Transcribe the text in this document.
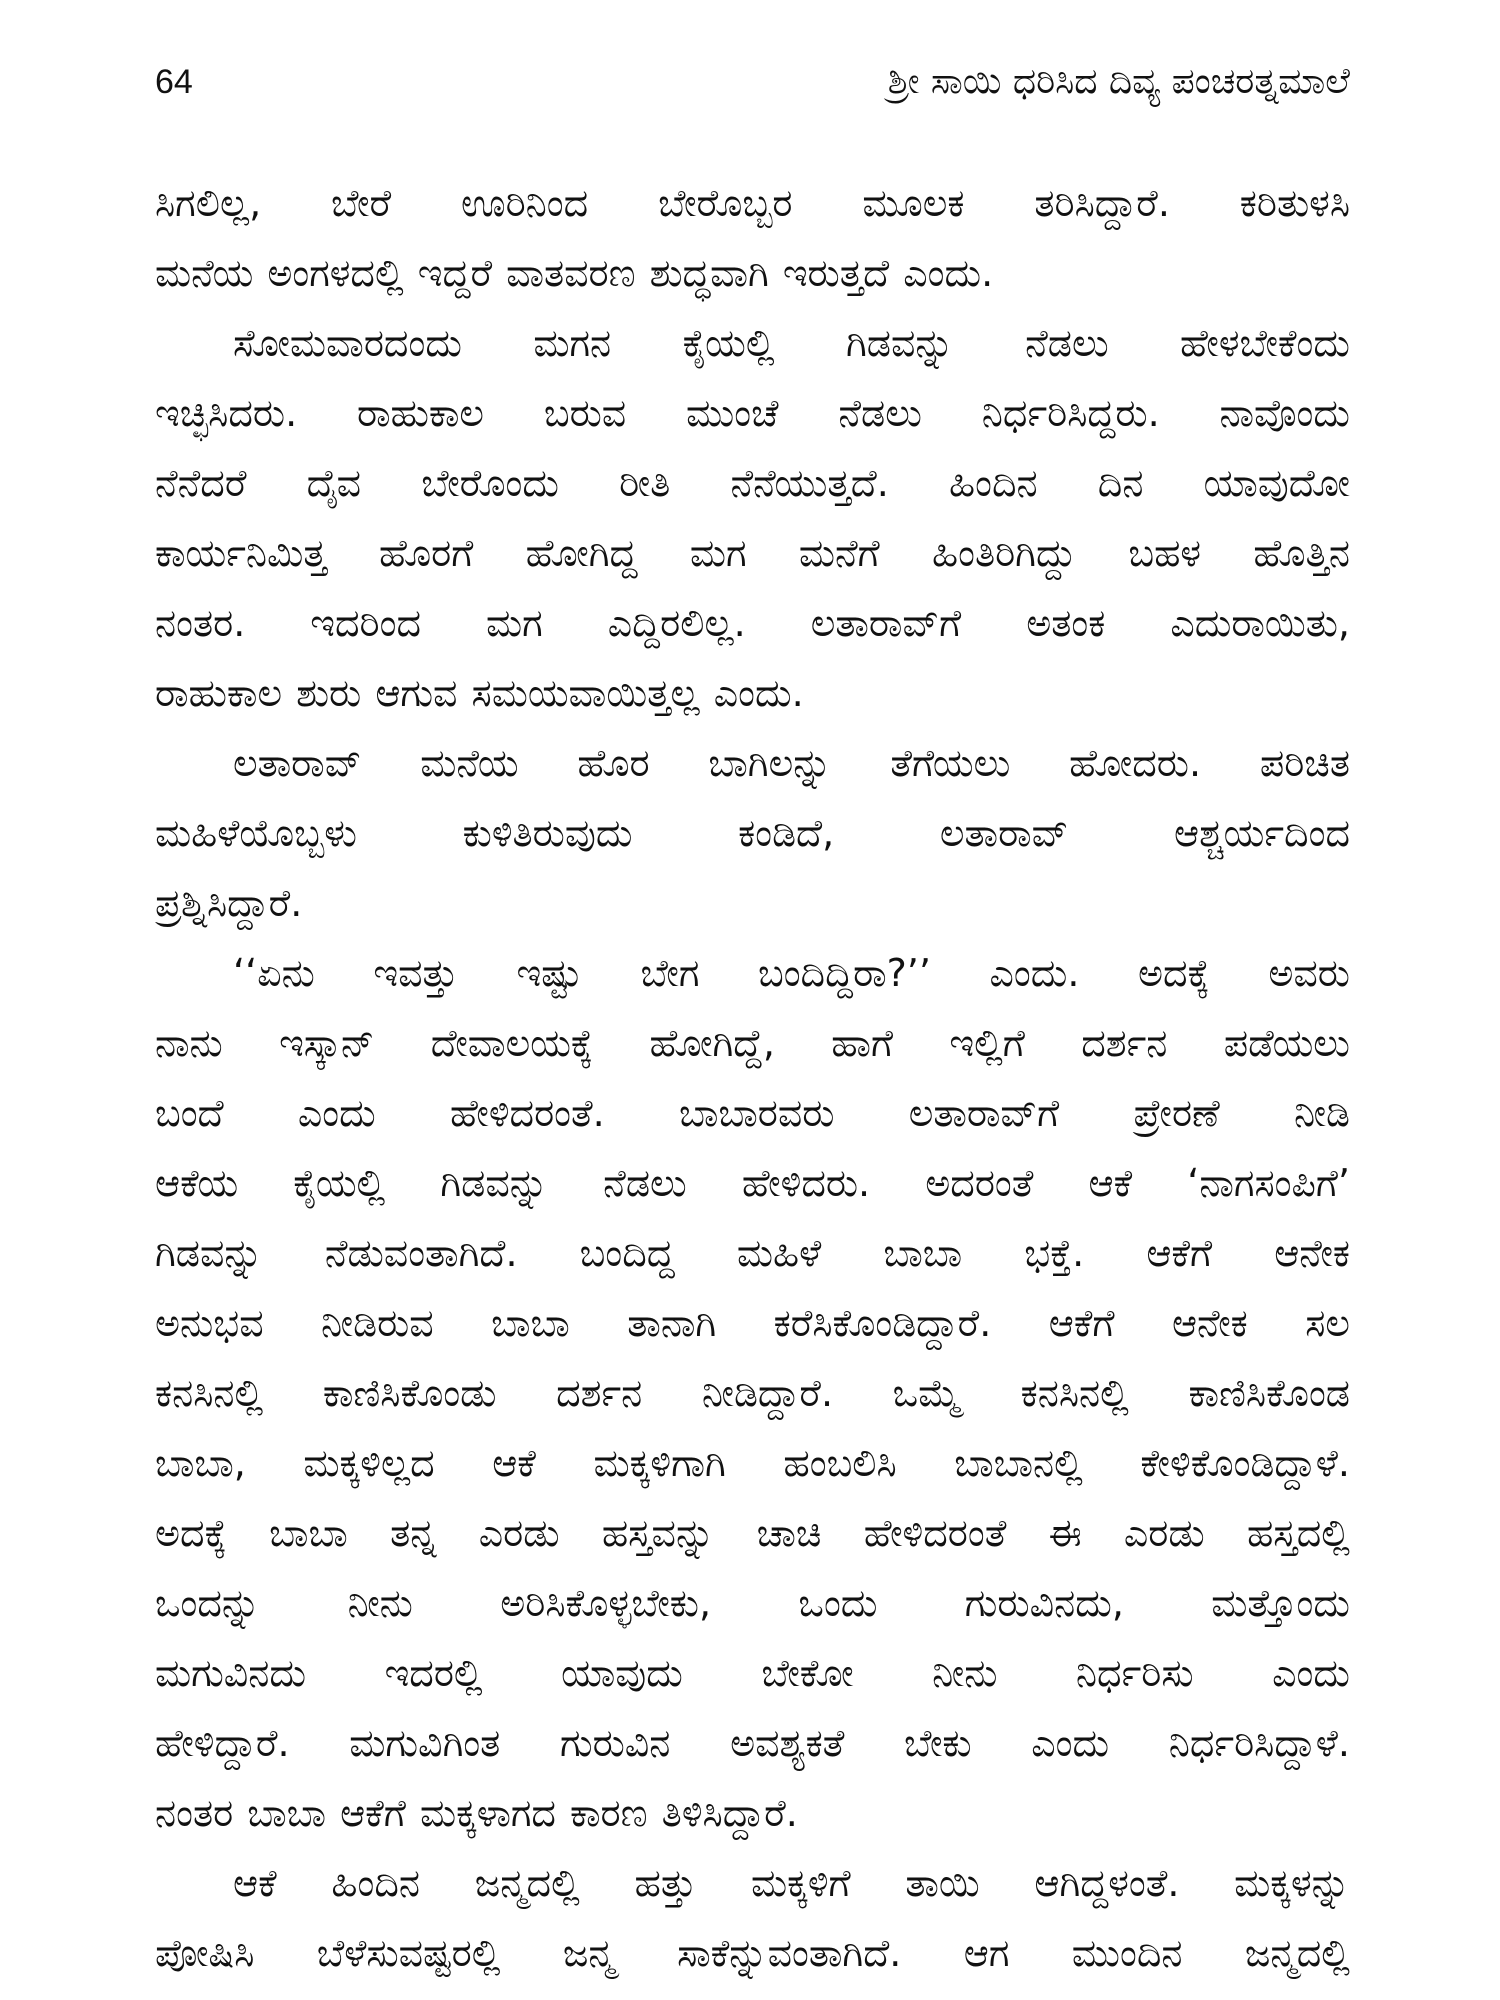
64	ಶ್ರೀ ಸಾಯಿ ಧರಿಸಿದ ದಿವ್ಯ ಪಂಚರತ್ನಮಾಲೆ
ಸಿಗಲಿಲ್ಲ, ಬೇರೆ ಊರಿನಿಂದ ಬೇರೊಬ್ಬರ ಮೂಲಕ ತರಿಸಿದ್ದಾರೆ. ಕರಿತುಳಸಿ
ಮನೆಯ ಅಂಗಳದಲ್ಲಿ ಇದ್ದರೆ ವಾತವರಣ ಶುದ್ಧವಾಗಿ ಇರುತ್ತದೆ ಎಂದು.
ಸೋಮವಾರದಂದು ಮಗನ ಕೈಯಲ್ಲಿ ಗಿಡವನ್ನು ನೆಡಲು ಹೇಳಬೇಕೆಂದು
ಇಚ್ಛಿಸಿದರು. ರಾಹುಕಾಲ ಬರುವ ಮುಂಚೆ ನೆಡಲು ನಿರ್ಧರಿಸಿದ್ದರು. ನಾವೊಂದು
ನೆನೆದರೆ ದೈವ ಬೇರೊಂದು ರೀತಿ ನೆನೆಯುತ್ತದೆ. ಹಿಂದಿನ ದಿನ ಯಾವುದೋ
ಕಾರ್ಯನಿಮಿತ್ತ ಹೊರಗೆ ಹೋಗಿದ್ದ ಮಗ ಮನೆಗೆ ಹಿಂತಿರಿಗಿದ್ದು ಬಹಳ ಹೊತ್ತಿನ
ನಂತರ. ಇದರಿಂದ ಮಗ ಎದ್ದಿರಲಿಲ್ಲ. ಲತಾರಾವ್‌ಗೆ ಅತಂಕ ಎದುರಾಯಿತು,
ರಾಹುಕಾಲ ಶುರು ಆಗುವ ಸಮಯವಾಯಿತ್ತಲ್ಲ ಎಂದು.
ಲತಾರಾವ್ ಮನೆಯ ಹೊರ ಬಾಗಿಲನ್ನು ತೆಗೆಯಲು ಹೋದರು. ಪರಿಚಿತ
ಮಹಿಳೆಯೊಬ್ಬಳು ಕುಳಿತಿರುವುದು ಕಂಡಿದೆ, ಲತಾರಾವ್ ಆಶ್ಚರ್ಯದಿಂದ
ಪ್ರಶ್ನಿಸಿದ್ದಾರೆ.
‘‘ಏನು ಇವತ್ತು ಇಷ್ಟು ಬೇಗ ಬಂದಿದ್ದಿರಾ?’’ ಎಂದು. ಅದಕ್ಕೆ ಅವರು
ನಾನು ಇಸ್ಕಾನ್ ದೇವಾಲಯಕ್ಕೆ ಹೋಗಿದ್ದೆ, ಹಾಗೆ ಇಲ್ಲಿಗೆ ದರ್ಶನ ಪಡೆಯಲು
ಬಂದೆ ಎಂದು ಹೇಳಿದರಂತೆ. ಬಾಬಾರವರು ಲತಾರಾವ್‌ಗೆ ಪ್ರೇರಣೆ ನೀಡಿ
ಆಕೆಯ ಕೈಯಲ್ಲಿ ಗಿಡವನ್ನು ನೆಡಲು ಹೇಳಿದರು. ಅದರಂತೆ ಆಕೆ ‘ನಾಗಸಂಪಿಗೆ’
ಗಿಡವನ್ನು ನೆಡುವಂತಾಗಿದೆ. ಬಂದಿದ್ದ ಮಹಿಳೆ ಬಾಬಾ ಭಕ್ತೆ. ಆಕೆಗೆ ಆನೇಕ
ಅನುಭವ ನೀಡಿರುವ ಬಾಬಾ ತಾನಾಗಿ ಕರೆಸಿಕೊಂಡಿದ್ದಾರೆ. ಆಕೆಗೆ ಆನೇಕ ಸಲ
ಕನಸಿನಲ್ಲಿ ಕಾಣಿಸಿಕೊಂಡು ದರ್ಶನ ನೀಡಿದ್ದಾರೆ. ಒಮ್ಮೆ ಕನಸಿನಲ್ಲಿ ಕಾಣಿಸಿಕೊಂಡ
ಬಾಬಾ, ಮಕ್ಕಳಿಲ್ಲದ ಆಕೆ ಮಕ್ಕಳಿಗಾಗಿ ಹಂಬಲಿಸಿ ಬಾಬಾನಲ್ಲಿ ಕೇಳಿಕೊಂಡಿದ್ದಾಳೆ.
ಅದಕ್ಕೆ ಬಾಬಾ ತನ್ನ ಎರಡು ಹಸ್ತವನ್ನು ಚಾಚಿ ಹೇಳಿದರಂತೆ ಈ ಎರಡು ಹಸ್ತದಲ್ಲಿ
ಒಂದನ್ನು ನೀನು ಅರಿಸಿಕೊಳ್ಳಬೇಕು, ಒಂದು ಗುರುವಿನದು, ಮತ್ತೊಂದು
ಮಗುವಿನದು ಇದರಲ್ಲಿ ಯಾವುದು ಬೇಕೋ ನೀನು ನಿರ್ಧರಿಸು ಎಂದು
ಹೇಳಿದ್ದಾರೆ. ಮಗುವಿಗಿಂತ ಗುರುವಿನ ಅವಶ್ಯಕತೆ ಬೇಕು ಎಂದು ನಿರ್ಧರಿಸಿದ್ದಾಳೆ.
ನಂತರ ಬಾಬಾ ಆಕೆಗೆ ಮಕ್ಕಳಾಗದ ಕಾರಣ ತಿಳಿಸಿದ್ದಾರೆ.
ಆಕೆ ಹಿಂದಿನ ಜನ್ಮದಲ್ಲಿ ಹತ್ತು ಮಕ್ಕಳಿಗೆ ತಾಯಿ ಆಗಿದ್ದಳಂತೆ. ಮಕ್ಕಳನ್ನು
ಪೋಷಿಸಿ ಬೆಳೆಸುವಷ್ಟರಲ್ಲಿ ಜನ್ಮ ಸಾಕೆನ್ನುವಂತಾಗಿದೆ. ಆಗ ಮುಂದಿನ ಜನ್ಮದಲ್ಲಿ
